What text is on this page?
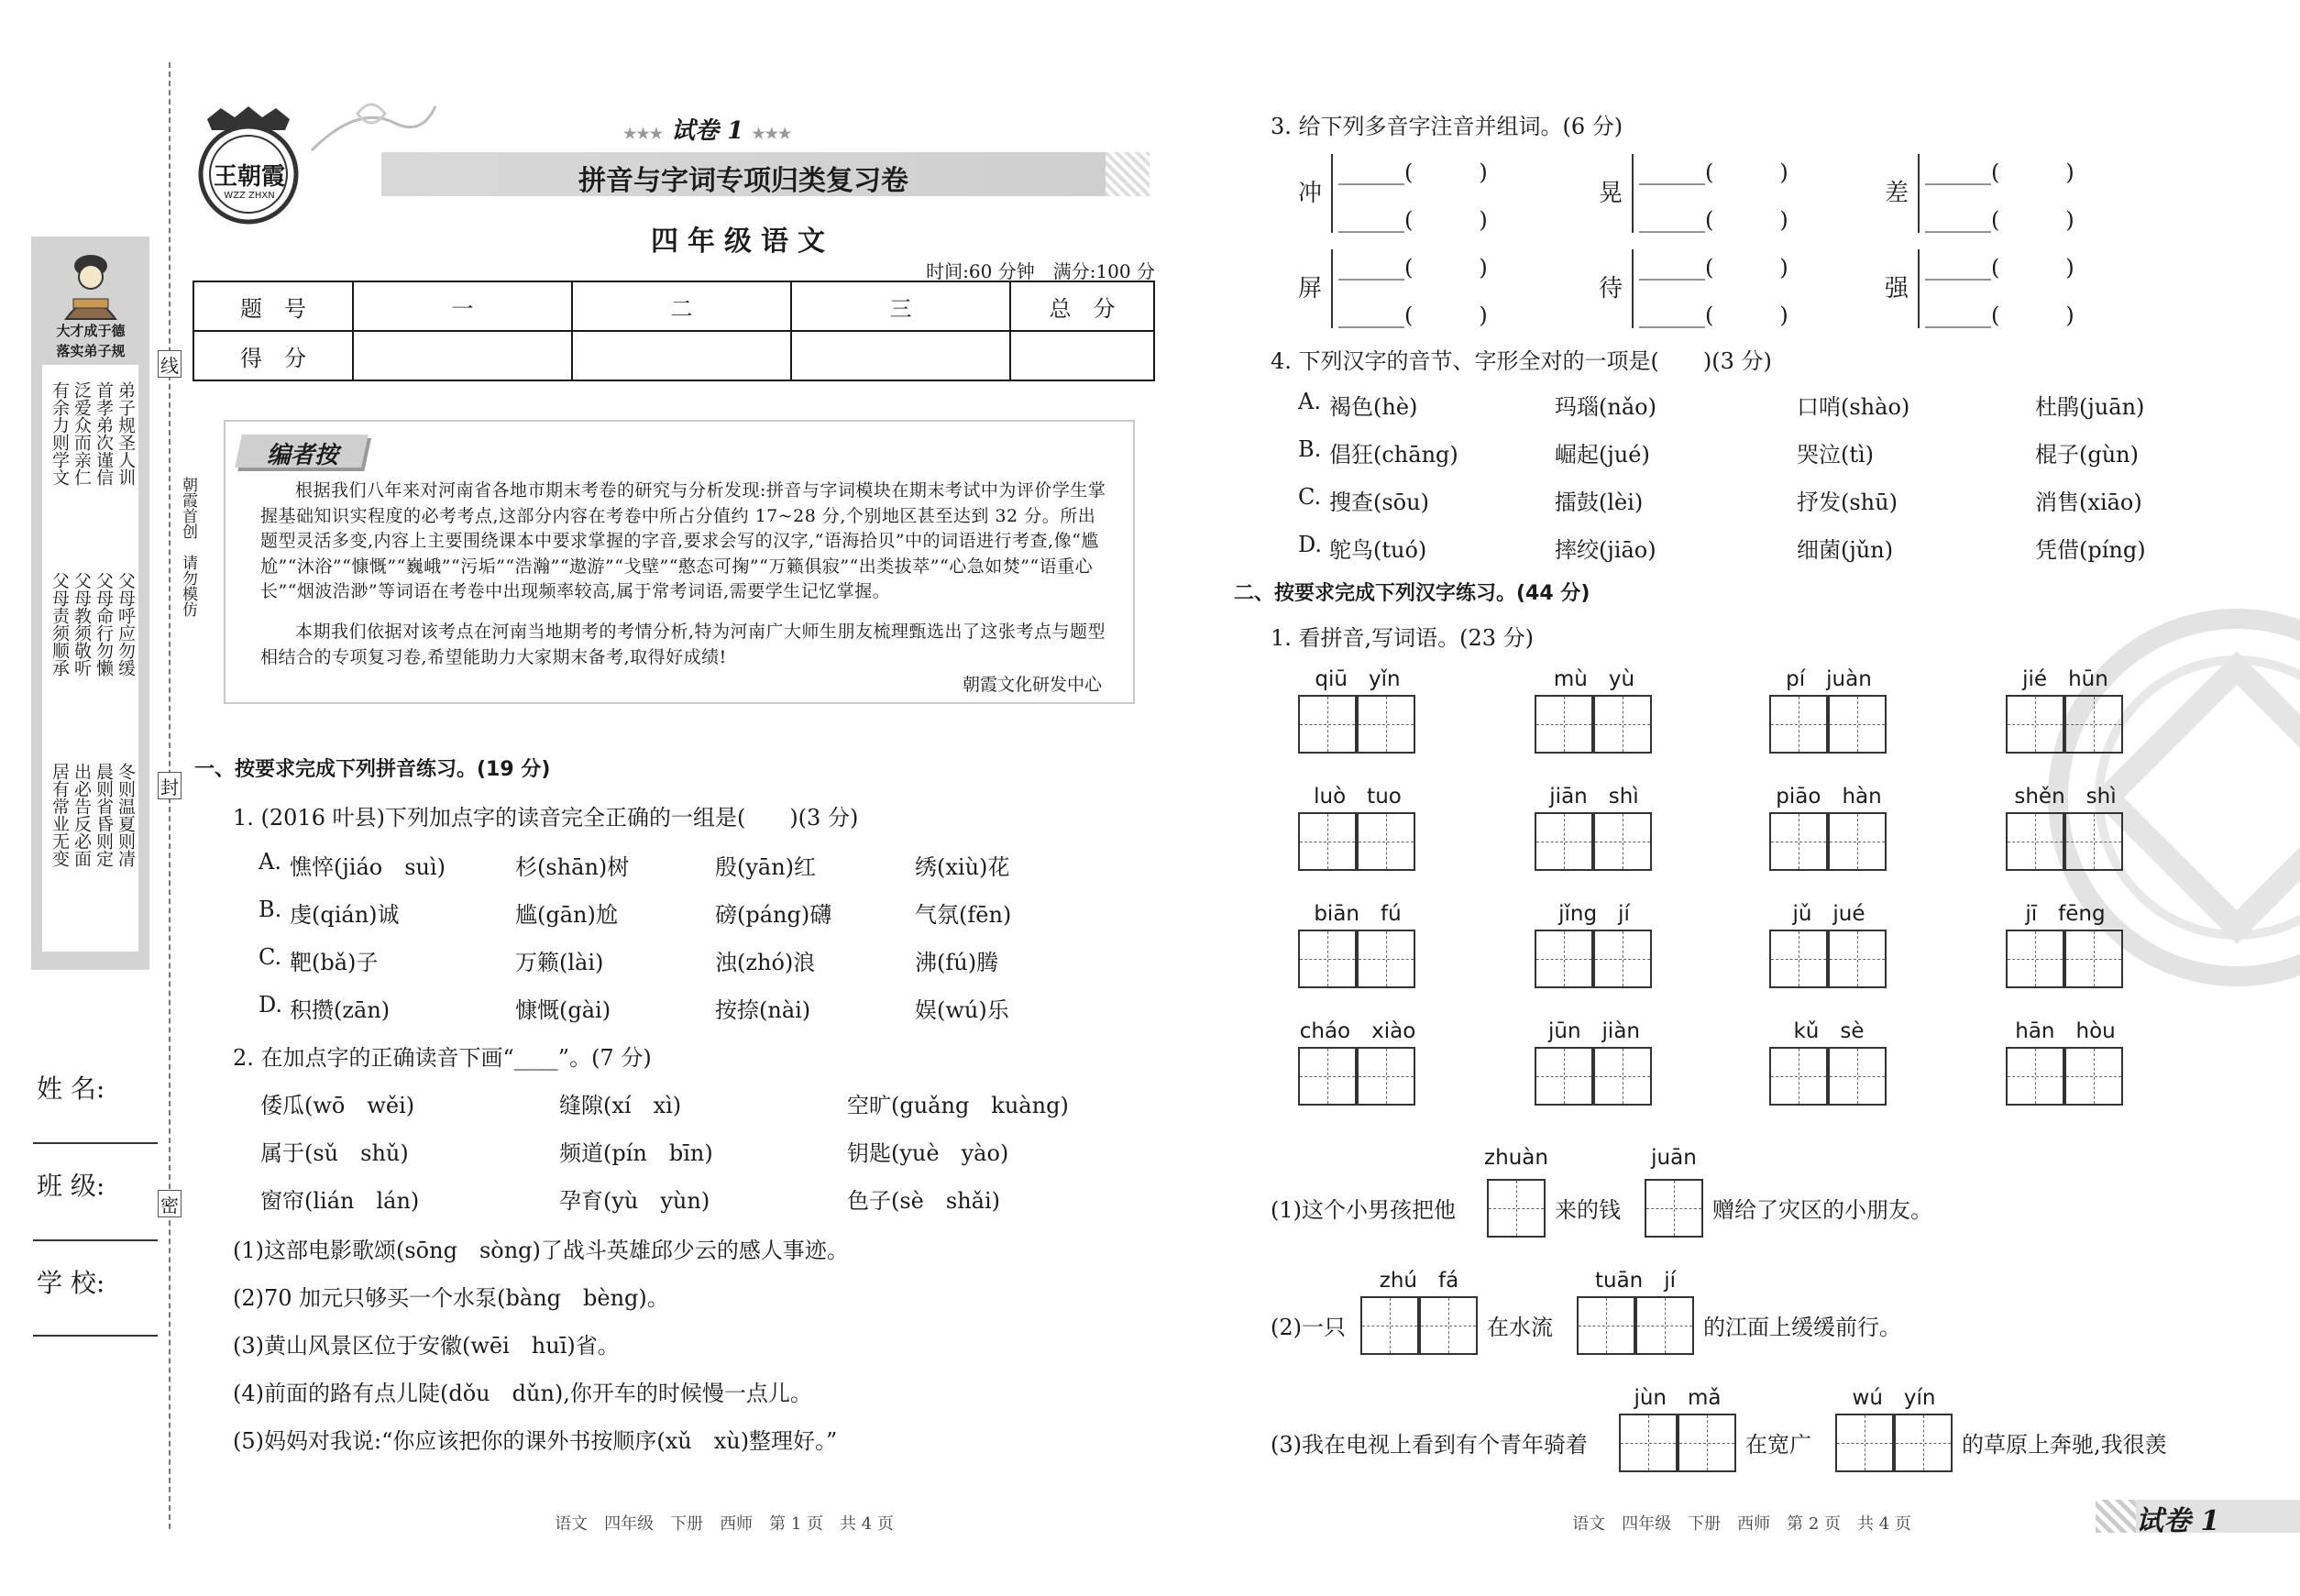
线
封
密
朝霞首创　请勿模仿
大才成于德
落实弟子规
弟子规圣人训
首孝弟次谨信
泛爱众而亲仁
有余力则学文
父母呼应勿缓
父母命行勿懒
父母教须敬听
父母责须顺承
冬则温夏则凊
晨则省昏则定
出必告反必面
居有常业无变
姓 名:
班 级:
学 校:
王朝霞
WZZ ZHXN
★★★ 试卷 1 ★★★
拼音与字词专项归类复习卷
四年级语文
时间:60 分钟　满分:100 分
题　号	一	二	三	总　分
得　分				
编者按
根据我们八年来对河南省各地市期末考卷的研究与分析发现:拼音与字词模块在期末考试中为评价学生掌握基础知识实程度的必考考点,这部分内容在考卷中所占分值约 17~28 分,个别地区甚至达到 32 分。所出题型灵活多变,内容上主要围绕课本中要求掌握的字音,要求会写的汉字,“语海拾贝”中的词语进行考查,像“尴尬”“沐浴”“慷慨”“巍峨”“污垢”“浩瀚”“遨游”“戈壁”“憨态可掬”“万籁俱寂”“出类拔萃”“心急如焚”“语重心长”“烟波浩渺”等词语在考卷中出现频率较高,属于常考词语,需要学生记忆掌握。
本期我们依据对该考点在河南当地期考的考情分析,特为河南广大师生朋友梳理甄选出了这张考点与题型相结合的专项复习卷,希望能助力大家期末备考,取得好成绩!
朝霞文化研发中心
一、按要求完成下列拼音练习。(19 分)
1. (2016 叶县)下列加点字的读音完全正确的一组是(　　)(3 分)
2. 在加点字的正确读音下画“____”。(7 分)
语文　四年级　下册　西师　第 1 页　共 4 页
3. 给下列多音字注音并组词。(6 分)
4. 下列汉字的音节、字形全对的一项是(　　)(3 分)
二、按要求完成下列汉字练习。(44 分)
1. 看拼音,写词语。(23 分)
语文　四年级　下册　西师　第 2 页　共 4 页	试卷 1
A. 憔悴(jiáo　suì)	杉(shān)树	殷(yān)红	绣(xiù)花
B. 虔(qián)诚	尴(gān)尬	磅(páng)礴	气氛(fēn)
C. 靶(bǎ)子	万籁(lài)	浊(zhó)浪	沸(fú)腾
D. 积攒(zān)	慷慨(gài)	按捺(nài)	娱(wú)乐
倭瓜(wō　wěi)	缝隙(xí　xì)	空旷(guǎng　kuàng)
属于(sǔ　shǔ)	频道(pín　bīn)	钥匙(yuè　yào)
窗帘(lián　lán)	孕育(yù　yùn)	色子(sè　shǎi)
(1)这部电影歌颂(sōng　sòng)了战斗英雄邱少云的感人事迹。
(2)70 加元只够买一个水泵(bàng　bèng)。
(3)黄山风景区位于安徽(wēi　huī)省。
(4)前面的路有点儿陡(dǒu　dǔn),你开车的时候慢一点儿。
(5)妈妈对我说:“你应该把你的课外书按顺序(xǔ　xù)整理好。”
冲
______(　　　)
______(　　　)
晃
______(　　　)
______(　　　)
差
______(　　　)
______(　　　)
屏
______(　　　)
______(　　　)
待
______(　　　)
______(　　　)
强
______(　　　)
______(　　　)
A. 褐色(hè)	玛瑙(nǎo)	口哨(shào)	杜鹃(juān)
B. 倡狂(chāng)	崛起(jué)	哭泣(tì)	棍子(gùn)
C. 搜查(sōu)	擂鼓(lèi)	抒发(shū)	消售(xiāo)
D. 鸵鸟(tuó)	摔绞(jiāo)	细菌(jǔn)	凭借(píng)
qiū　yǐn	mù　yù	pí　juàn	jié　hūn
luò　tuo	jiān　shì	piāo　hàn	shěn　shì
biān　fú	jǐng　jí	jǔ　jué	jī　fēng
cháo　xiào	jūn　jiàn	kǔ　sè	hān　hòu
(1)这个小男孩把他
zhuàn
来的钱
juān
赠给了灾区的小朋友。
(2)一只
zhú　fá
在水流
tuān　jí
的江面上缓缓前行。
(3)我在电视上看到有个青年骑着
jùn　mǎ
在宽广
wú　yín
的草原上奔驰,我很羡
